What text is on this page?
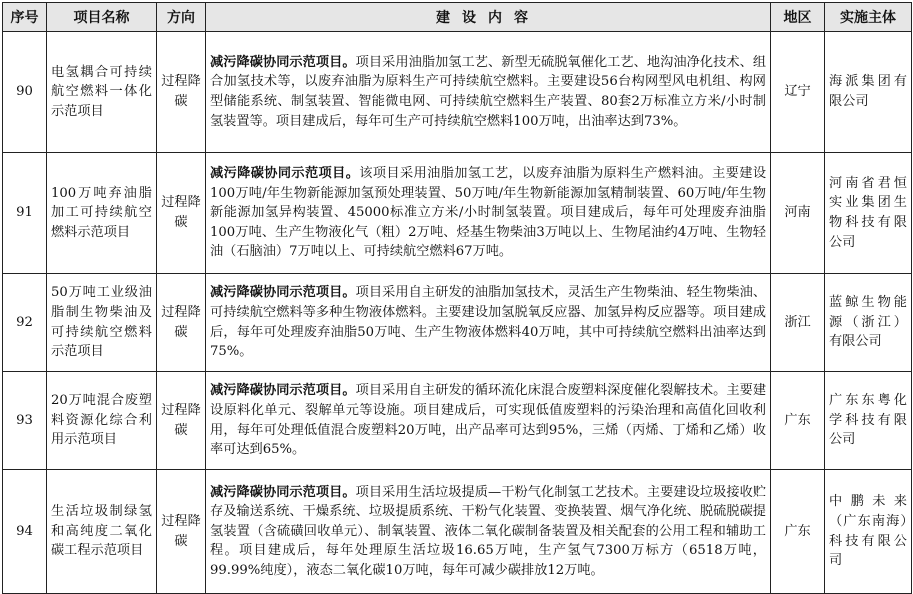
序号	项目名称	方向	建设内容	地区	实施主体
90	电氢耦合可持续航空燃料一体化示范项目	过程降碳	减污降碳协同示范项目。项目采用油脂加氢工艺、新型无硫脱氧催化工艺、地沟油净化技术、组合加氢技术等，以废弃油脂为原料生产可持续航空燃料。主要建设56台构网型风电机组、构网型储能系统、制氢装置、智能微电网、可持续航空燃料生产装置、80套2万标准立方米/小时制氢装置等。项目建成后，每年可生产可持续航空燃料100万吨，出油率达到73%。	辽宁	海派集团有限公司
91	100万吨弃油脂加工可持续航空燃料示范项目	过程降碳	减污降碳协同示范项目。该项目采用油脂加氢工艺，以废弃油脂为原料生产燃料油。主要建设100万吨/年生物新能源加氢预处理装置、50万吨/年生物新能源加氢精制装置、60万吨/年生物新能源加氢异构装置、45000标准立方米/小时制氢装置。项目建成后，每年可处理废弃油脂100万吨、生产生物液化气（粗）2万吨、烃基生物柴油3万吨以上、生物尾油约4万吨、生物轻油（石脑油）7万吨以上、可持续航空燃料67万吨。	河南	河南省君恒实业集团生物科技有限公司
92	50万吨工业级油脂制生物柴油及可持续航空燃料示范项目	过程降碳	减污降碳协同示范项目。项目采用自主研发的油脂加氢技术，灵活生产生物柴油、轻生物柴油、可持续航空燃料等多种生物液体燃料。主要建设加氢脱氧反应器、加氢异构反应器等。项目建成后，每年可处理废弃油脂50万吨、生产生物液体燃料40万吨，其中可持续航空燃料出油率达到75%。	浙江	蓝鲸生物能源（浙江）有限公司
93	20万吨混合废塑料资源化综合利用示范项目	过程降碳	减污降碳协同示范项目。项目采用自主研发的循环流化床混合废塑料深度催化裂解技术。主要建设原料化单元、裂解单元等设施。项目建成后，可实现低值废塑料的污染治理和高值化回收利用，每年可处理低值混合废塑料20万吨，出产品率可达到95%，三烯（丙烯、丁烯和乙烯）收率可达到65%。	广东	广东东粤化学科技有限公司
94	生活垃圾制绿氢和高纯度二氧化碳工程示范项目	过程降碳	减污降碳协同示范项目。项目采用生活垃圾提质—干粉气化制氢工艺技术。主要建设垃圾接收贮存及输送系统、干燥系统、垃圾提质系统、干粉气化装置、变换装置、烟气净化统、脱硫脱碳提氢装置（含硫磺回收单元）、制氧装置、液体二氧化碳制备装置及相关配套的公用工程和辅助工程。项目建成后，每年处理原生活垃圾16.65万吨，生产氢气7300万标方（6518万吨，99.99%纯度），液态二氧化碳10万吨，每年可减少碳排放12万吨。	广东	中鹏未来（广东南海）科技有限公司
